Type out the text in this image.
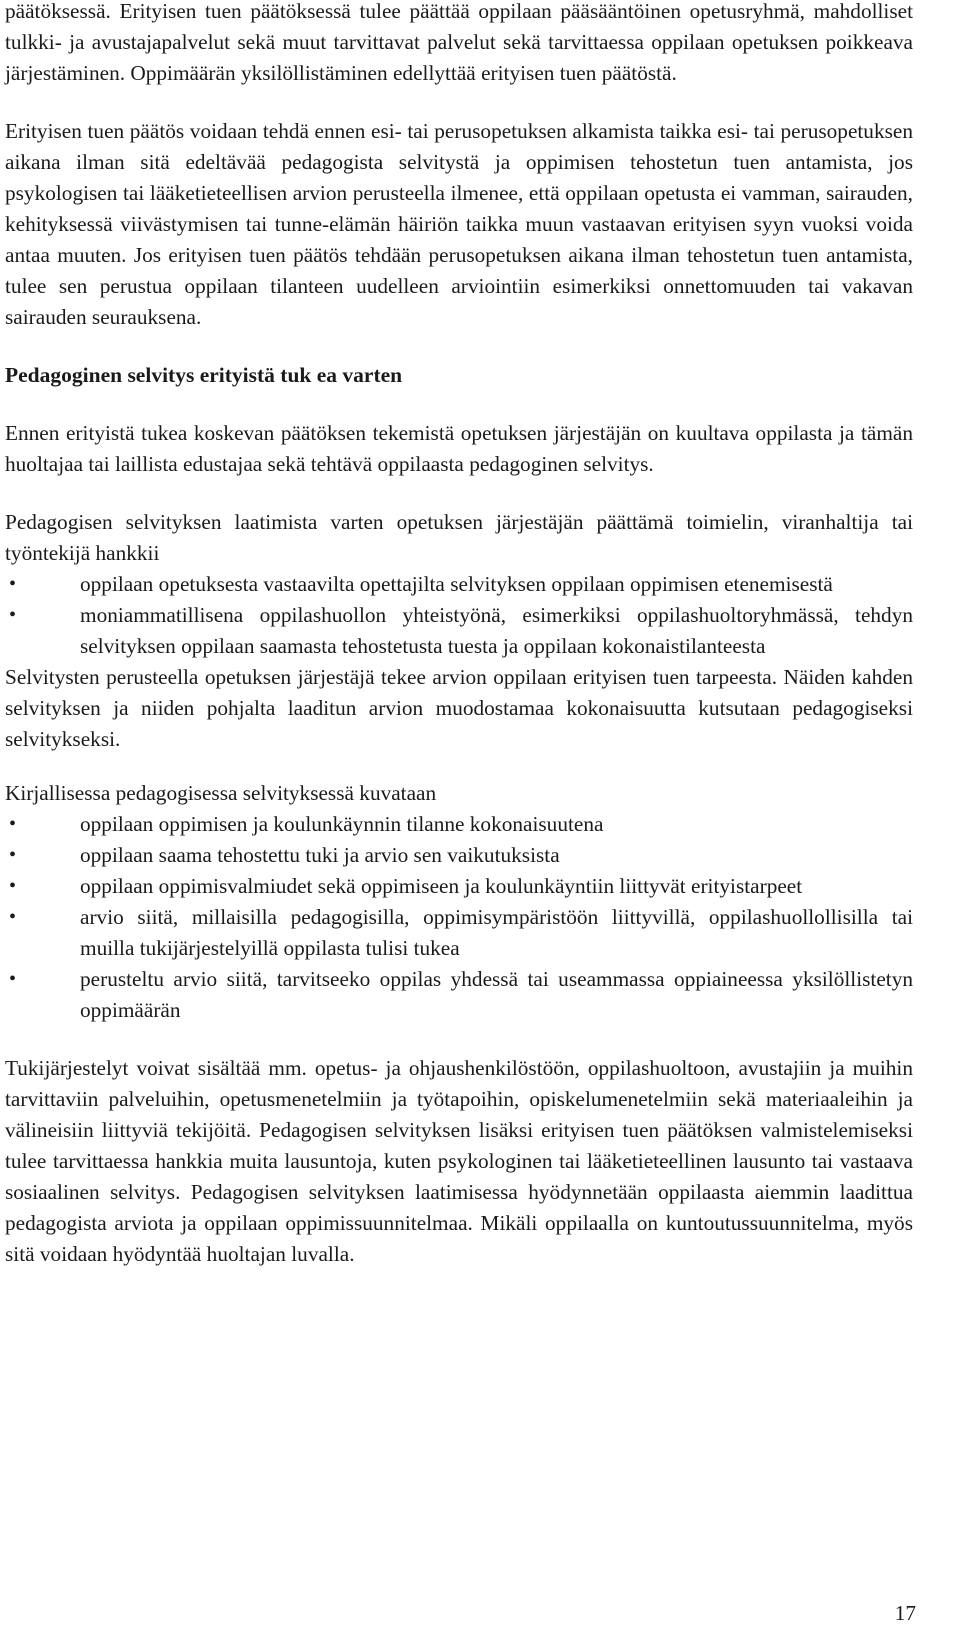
päätöksessä. Erityisen tuen päätöksessä tulee päättää oppilaan pääsääntöinen opetusryhmä, mahdolliset tulkki- ja avustajapalvelut sekä muut tarvittavat palvelut sekä tarvittaessa oppilaan opetuksen poikkeava järjestäminen. Oppimäärän yksilöllistäminen edellyttää erityisen tuen päätöstä.

Erityisen tuen päätös voidaan tehdä ennen esi- tai perusopetuksen alkamista taikka esi- tai perusopetuksen aikana ilman sitä edeltävää pedagogista selvitystä ja oppimisen tehostetun tuen antamista, jos psykologisen tai lääketieteellisen arvion perusteella ilmenee, että oppilaan opetusta ei vamman, sairauden, kehityksessä viivästymisen tai tunne-elämän häiriön taikka muun vastaavan erityisen syyn vuoksi voida antaa muuten. Jos erityisen tuen päätös tehdään perusopetuksen aikana ilman tehostetun tuen antamista, tulee sen perustua oppilaan tilanteen uudelleen arviointiin esimerkiksi onnettomuuden tai vakavan sairauden seurauksena.

Pedagoginen selvitys erityistä tuk ea varten

Ennen erityistä tukea koskevan päätöksen tekemistä opetuksen järjestäjän on kuultava oppilasta ja tämän huoltajaa tai laillista edustajaa sekä tehtävä oppilaasta pedagoginen selvitys.

Pedagogisen selvityksen laatimista varten opetuksen järjestäjän päättämä toimielin, viranhaltija tai työntekijä hankkii

•	oppilaan opetuksesta vastaavilta opettajilta selvityksen oppilaan oppimisen etenemisestä
•	moniammatillisena oppilashuollon yhteistyönä, esimerkiksi oppilashuoltoryhmässä, tehdyn selvityksen oppilaan saamasta tehostetusta tuesta ja oppilaan kokonaistilanteesta

Selvitysten perusteella opetuksen järjestäjä tekee arvion oppilaan erityisen tuen tarpeesta. Näiden kahden selvityksen ja niiden pohjalta laaditun arvion muodostamaa kokonaisuutta kutsutaan pedagogiseksi selvitykseksi.

Kirjallisessa pedagogisessa selvityksessä kuvataan

•	oppilaan oppimisen ja koulunkäynnin tilanne kokonaisuutena
•	oppilaan saama tehostettu tuki ja arvio sen vaikutuksista
•	oppilaan oppimisvalmiudet sekä oppimiseen ja koulunkäyntiin liittyvät erityistarpeet
•	arvio siitä, millaisilla pedagogisilla, oppimisympäristöön liittyvillä, oppilashuollollisilla tai muilla tukijärjestelyillä oppilasta tulisi tukea
•	perusteltu arvio siitä, tarvitseeko oppilas yhdessä tai useammassa oppiaineessa yksilöllistetyn oppimäärän

Tukijärjestelyt voivat sisältää mm. opetus- ja ohjaushenkilöstöön, oppilashuoltoon, avustajiin ja muihin tarvittaviin palveluihin, opetusmenetelmiin ja työtapoihin, opiskelumenetelmiin sekä materiaaleihin ja välineisiin liittyviä tekijöitä. Pedagogisen selvityksen lisäksi erityisen tuen päätöksen valmistelemiseksi tulee tarvittaessa hankkia muita lausuntoja, kuten psykologinen tai lääketieteellinen lausunto tai vastaava sosiaalinen selvitys. Pedagogisen selvityksen laatimisessa hyödynnetään oppilaasta aiemmin laadittua pedagogista arviota ja oppilaan oppimissuunnitelmaa. Mikäli oppilaalla on kuntoutussuunnitelma, myös sitä voidaan hyödyntää huoltajan luvalla.

17
